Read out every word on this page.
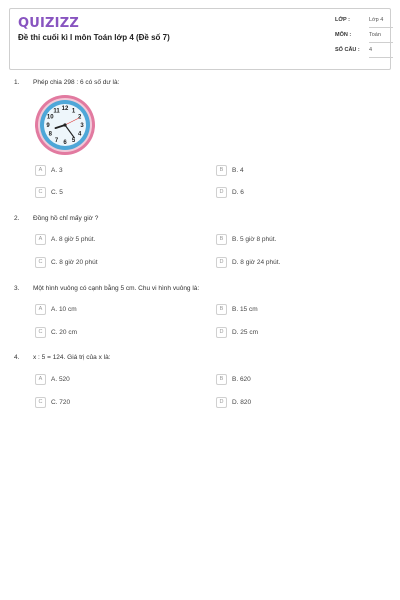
QUIZIZZ
Đề thi cuối kì I môn Toán lớp 4 (Đề số 7)
LỚP :	Lớp 4
MÔN :	Toán
SỐ CÂU : 4
1. Phép chia 298 : 6 có số dư là:
12 1
2
3
4
5
6
7
8
9
10
11
A	A. 3	B	B. 4
C	C. 5	D	D. 6
2. Đồng hồ chỉ mấy giờ ?
A	A. 8 giờ 5 phút.	B	B. 5 giờ 8 phút.
C	C. 8 giờ 20 phút	D	D. 8 giờ 24 phút.
3. Một hình vuông có cạnh bằng 5 cm. Chu vi hình vuông là:
A	A. 10 cm	B	B. 15 cm
C	C. 20 cm	D	D. 25 cm
4. x : 5 = 124. Giá trị của x là:
A	A. 520	B	B. 620
C	C. 720	D	D. 820
